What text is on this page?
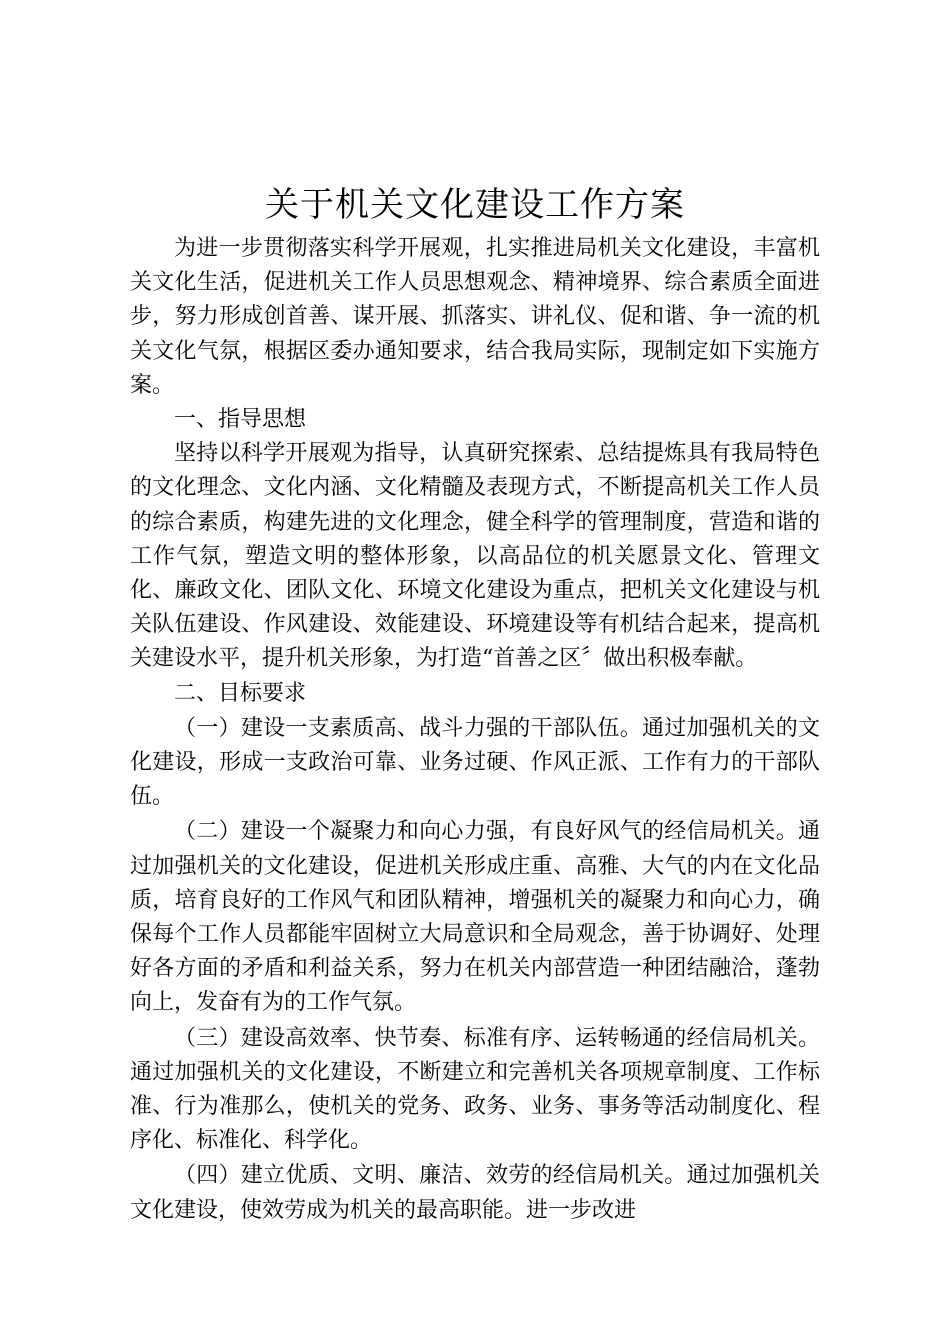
关于机关文化建设工作方案

为进一步贯彻落实科学开展观，扎实推进局机关文化建设，丰富机关文化生活，促进机关工作人员思想观念、精神境界、综合素质全面进步，努力形成创首善、谋开展、抓落实、讲礼仪、促和谐、争一流的机关文化气氛，根据区委办通知要求，结合我局实际，现制定如下实施方案。

一、指导思想

坚持以科学开展观为指导，认真研究探索、总结提炼具有我局特色的文化理念、文化内涵、文化精髓及表现方式，不断提高机关工作人员的综合素质，构建先进的文化理念，健全科学的管理制度，营造和谐的工作气氛，塑造文明的整体形象，以高品位的机关愿景文化、管理文化、廉政文化、团队文化、环境文化建设为重点，把机关文化建设与机关队伍建设、作风建设、效能建设、环境建设等有机结合起来，提高机关建设水平，提升机关形象，为打造“首善之区〞做出积极奉献。

二、目标要求

（一）建设一支素质高、战斗力强的干部队伍。通过加强机关的文化建设，形成一支政治可靠、业务过硬、作风正派、工作有力的干部队伍。

（二）建设一个凝聚力和向心力强，有良好风气的经信局机关。通过加强机关的文化建设，促进机关形成庄重、高雅、大气的内在文化品质，培育良好的工作风气和团队精神，增强机关的凝聚力和向心力，确保每个工作人员都能牢固树立大局意识和全局观念，善于协调好、处理好各方面的矛盾和利益关系，努力在机关内部营造一种团结融洽，蓬勃向上，发奋有为的工作气氛。

（三）建设高效率、快节奏、标准有序、运转畅通的经信局机关。通过加强机关的文化建设，不断建立和完善机关各项规章制度、工作标准、行为准那么，使机关的党务、政务、业务、事务等活动制度化、程序化、标准化、科学化。

（四）建立优质、文明、廉洁、效劳的经信局机关。通过加强机关文化建设，使效劳成为机关的最高职能。进一步改进
